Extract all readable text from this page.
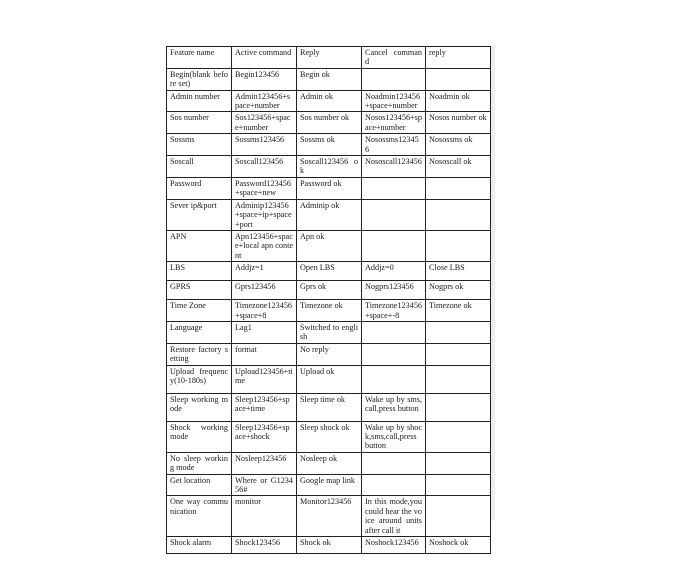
Feature name	Active command	Reply	Cancel command	reply
Begin(blank before set)	Begin123456	Begin ok		
Admin number	Admin123456+space+number	Admin ok	Noadmin123456+space+number	Noadmin ok
Sos number	Sos123456+space+number	Sos number ok	Nosos123456+space+number	Nosos number ok
Sossms	Sossms123456	Sossms ok	Nosossms123456	Nosossms ok
Soscall	Soscall123456	Soscall123456 ok	Nososcall123456	Nososcall ok
Password	Password123456+space+new	Password ok		
Sever ip&port	Adminip123456+space+ip+space+port	Adminip ok		
APN	Apn123456+space+local apn content	Apn ok		
LBS	Addjz=1	Open LBS	Addjz=0	Close LBS
GPRS	Gprs123456	Gprs ok	Nogprs123456	Nogprs ok
Time Zone	Timezone123456+space+8	Timezone ok	Timezone123456+space+-8	Timezone ok
Language	Lag1	Switched to english		
Restore factory setting	format	No reply		
Upload frequency(10-180s)	Upload123456+time	Upload ok		
Sleep working mode	Sleep123456+space+time	Sleep time ok	Wake up by sms,call,press button	
Shock working mode	Sleep123456+space+shock	Sleep shock ok	Wake up by shock,sms,call,press button	
No sleep working mode	Nosleep123456	Nosleep ok		
Get location	Where or G123456#	Google map link		
One way communication	monitor	Monitor123456	In this mode,you could hear the voice around units after call it	
Shock alarm	Shock123456	Shock ok	Noshock123456	Noshock ok
